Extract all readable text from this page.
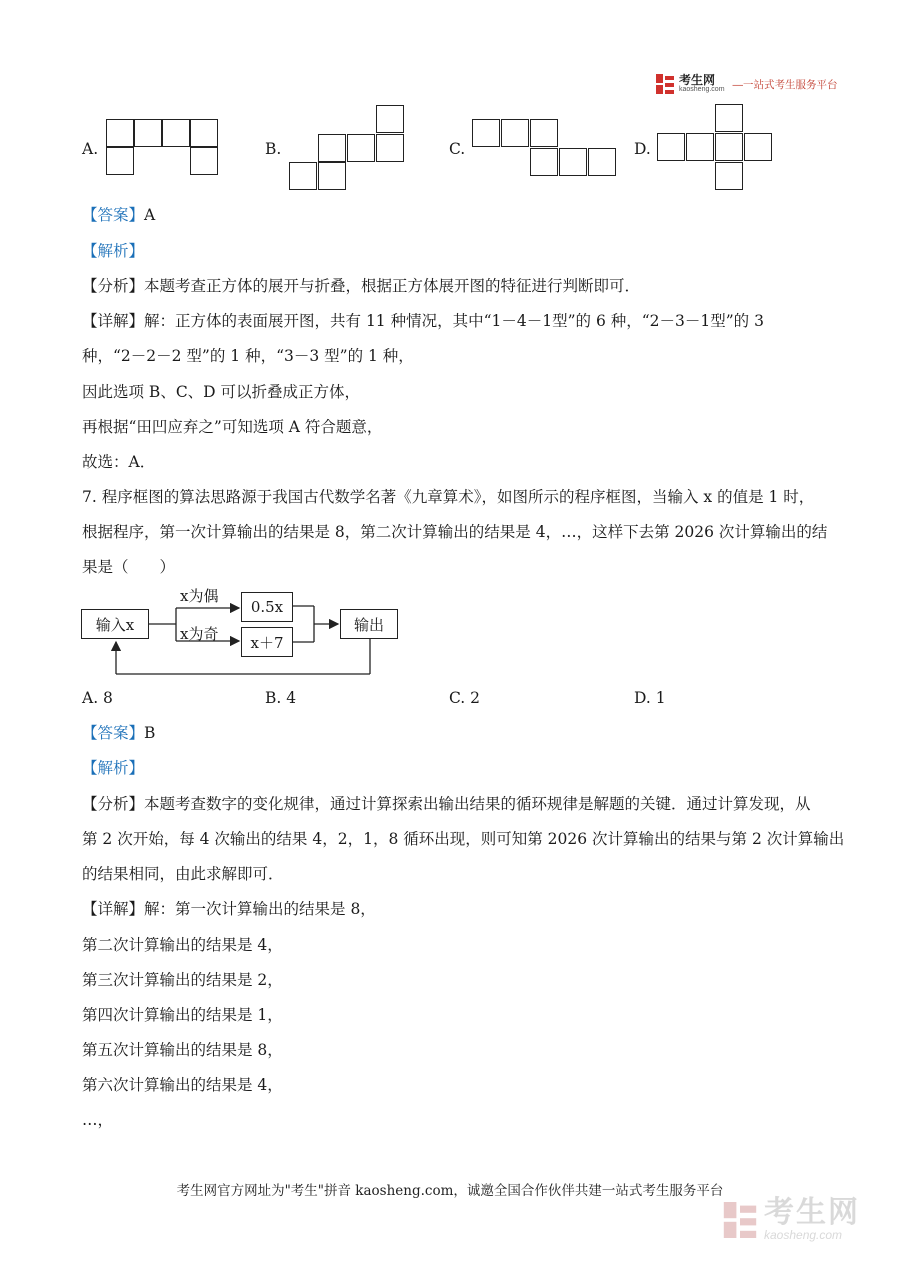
考生网
kaosheng.com —一站式考生服务平台
A.	B.	C.	D.
【答案】A
【解析】
【分析】本题考查正方体的展开与折叠，根据正方体展开图的特征进行判断即可．
【详解】解：正方体的表面展开图，共有 11 种情况，其中“1－4－1型”的 6 种，“2－3－1型”的 3
种，“2－2－2 型”的 1 种，“3－3 型”的 1 种，
因此选项 B、C、D 可以折叠成正方体，
再根据“田凹应弃之”可知选项 A 符合题意，
故选：A．
7. 程序框图的算法思路源于我国古代数学名著《九章算术》，如图所示的程序框图，当输入 x 的值是 1 时，
根据程序，第一次计算输出的结果是 8，第二次计算输出的结果是 4，…，这样下去第 2026 次计算输出的结
果是（　　）
输入x
x为偶
x为奇
0.5x
x＋7
输出
A. 8	B. 4	C. 2	D. 1
【答案】B
【解析】
【分析】本题考查数字的变化规律，通过计算探索出输出结果的循环规律是解题的关键．通过计算发现，从
第 2 次开始，每 4 次输出的结果 4，2，1，8 循环出现，则可知第 2026 次计算输出的结果与第 2 次计算输出
的结果相同，由此求解即可．
【详解】解：第一次计算输出的结果是 8，
第二次计算输出的结果是 4，
第三次计算输出的结果是 2，
第四次计算输出的结果是 1，
第五次计算输出的结果是 8，
第六次计算输出的结果是 4，
…，
考生网官方网址为"考生"拼音 kaosheng.com，诚邀全国合作伙伴共建一站式考生服务平台
考生网
kaosheng.com
